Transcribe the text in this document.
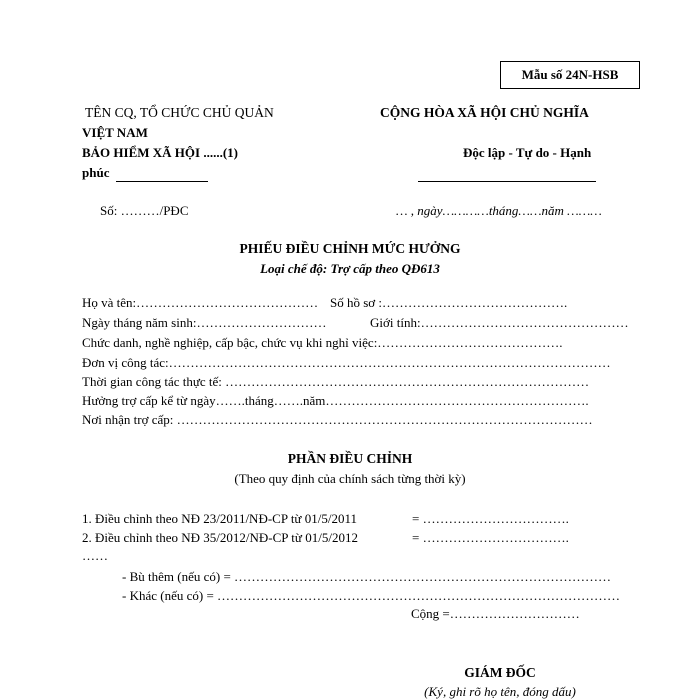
Mẫu số 24N-HSB
TÊN CQ, TỔ CHỨC CHỦ QUẢN
VIỆT NAM
BẢO HIỂM XÃ HỘI ......(1)
phúc
Số: ………/PĐC
CỘNG HÒA XÃ HỘI CHỦ NGHĨA
Độc lập - Tự do - Hạnh
… , ngày…………tháng……năm ………
PHIẾU ĐIỀU CHỈNH MỨC HƯỞNG
Loại chế độ: Trợ cấp theo QĐ613
Họ và tên:…………………………………… Số hồ sơ :…………………………………….
Ngày tháng năm sinh:…………………………	Giới tính:…………………………………………
Chức danh, nghề nghiệp, cấp bậc, chức vụ khi nghỉ việc:…………………………………….
Đơn vị công tác:…………………………………………………………………………………………
Thời gian công tác thực tế: …………………………………………………………………………
Hưởng trợ cấp kể từ ngày…….tháng…….năm…………………………………………………….
Nơi nhận trợ cấp: ……………………………………………………………………………………
PHẦN ĐIỀU CHỈNH
(Theo quy định của chính sách từng thời kỳ)
1. Điều chỉnh theo NĐ 23/2011/NĐ-CP từ 01/5/2011	= …………………………….
2. Điều chỉnh theo NĐ 35/2012/NĐ-CP từ 01/5/2012	= …………………………….
……
- Bù thêm (nếu có) = ……………………………………………………………………………
- Khác (nếu có) = …………………………………………………………………………………
Cộng =…………………………
GIÁM ĐỐC
(Ký, ghi rõ họ tên, đóng dấu)
